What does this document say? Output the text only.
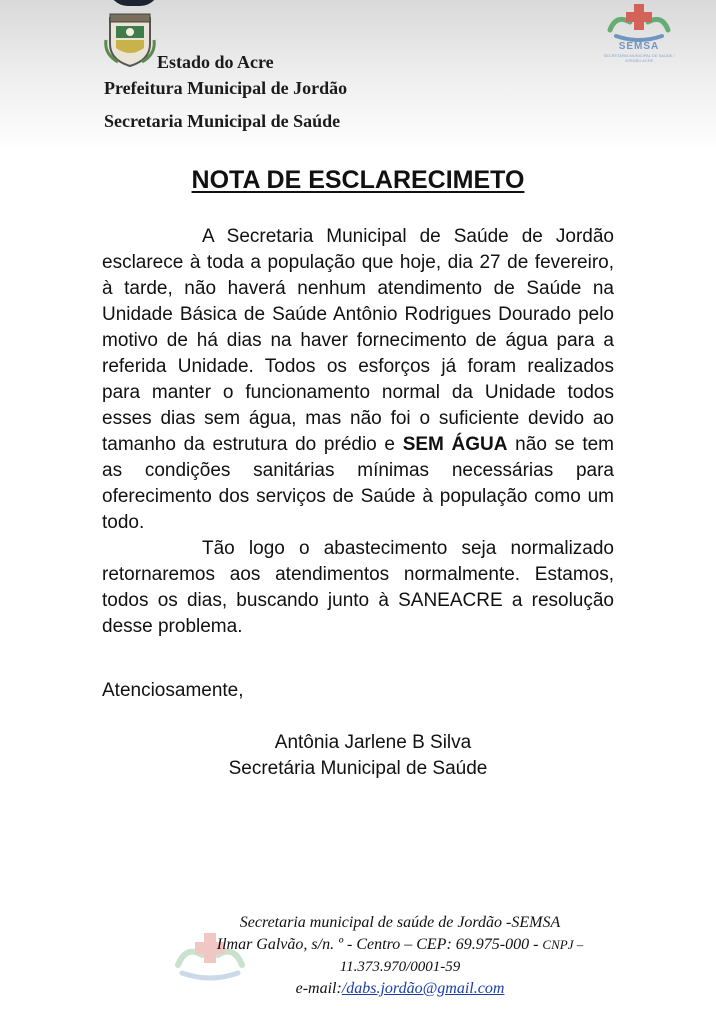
SEMSA
SECRETARIA MUNICIPAL DE SAÚDE / JORDÃO ACRE
Estado do Acre
Prefeitura Municipal de Jordão
Secretaria Municipal de Saúde
NOTA DE ESCLARECIMETO

A Secretaria Municipal de Saúde de Jordão esclarece à toda a população que hoje, dia 27 de fevereiro, à tarde, não haverá nenhum atendimento de Saúde na Unidade Básica de Saúde Antônio Rodrigues Dourado pelo motivo de há dias na haver fornecimento de água para a referida Unidade. Todos os esforços já foram realizados para manter o funcionamento normal da Unidade todos esses dias sem água, mas não foi o suficiente devido ao tamanho da estrutura do prédio e SEM ÁGUA não se tem as condições sanitárias mínimas necessárias para oferecimento dos serviços de Saúde à população como um todo.

Tão logo o abastecimento seja normalizado retornaremos aos atendimentos normalmente. Estamos, todos os dias, buscando junto à SANEACRE a resolução desse problema.

Atenciosamente,
Antônia Jarlene B Silva
Secretária Municipal de Saúde
Secretaria municipal de saúde de Jordão -SEMSA
Ilmar Galvão, s/n. º - Centro – CEP: 69.975-000 - CNPJ –
11.373.970/0001-59
e-mail:/dabs.jordão@gmail.com
